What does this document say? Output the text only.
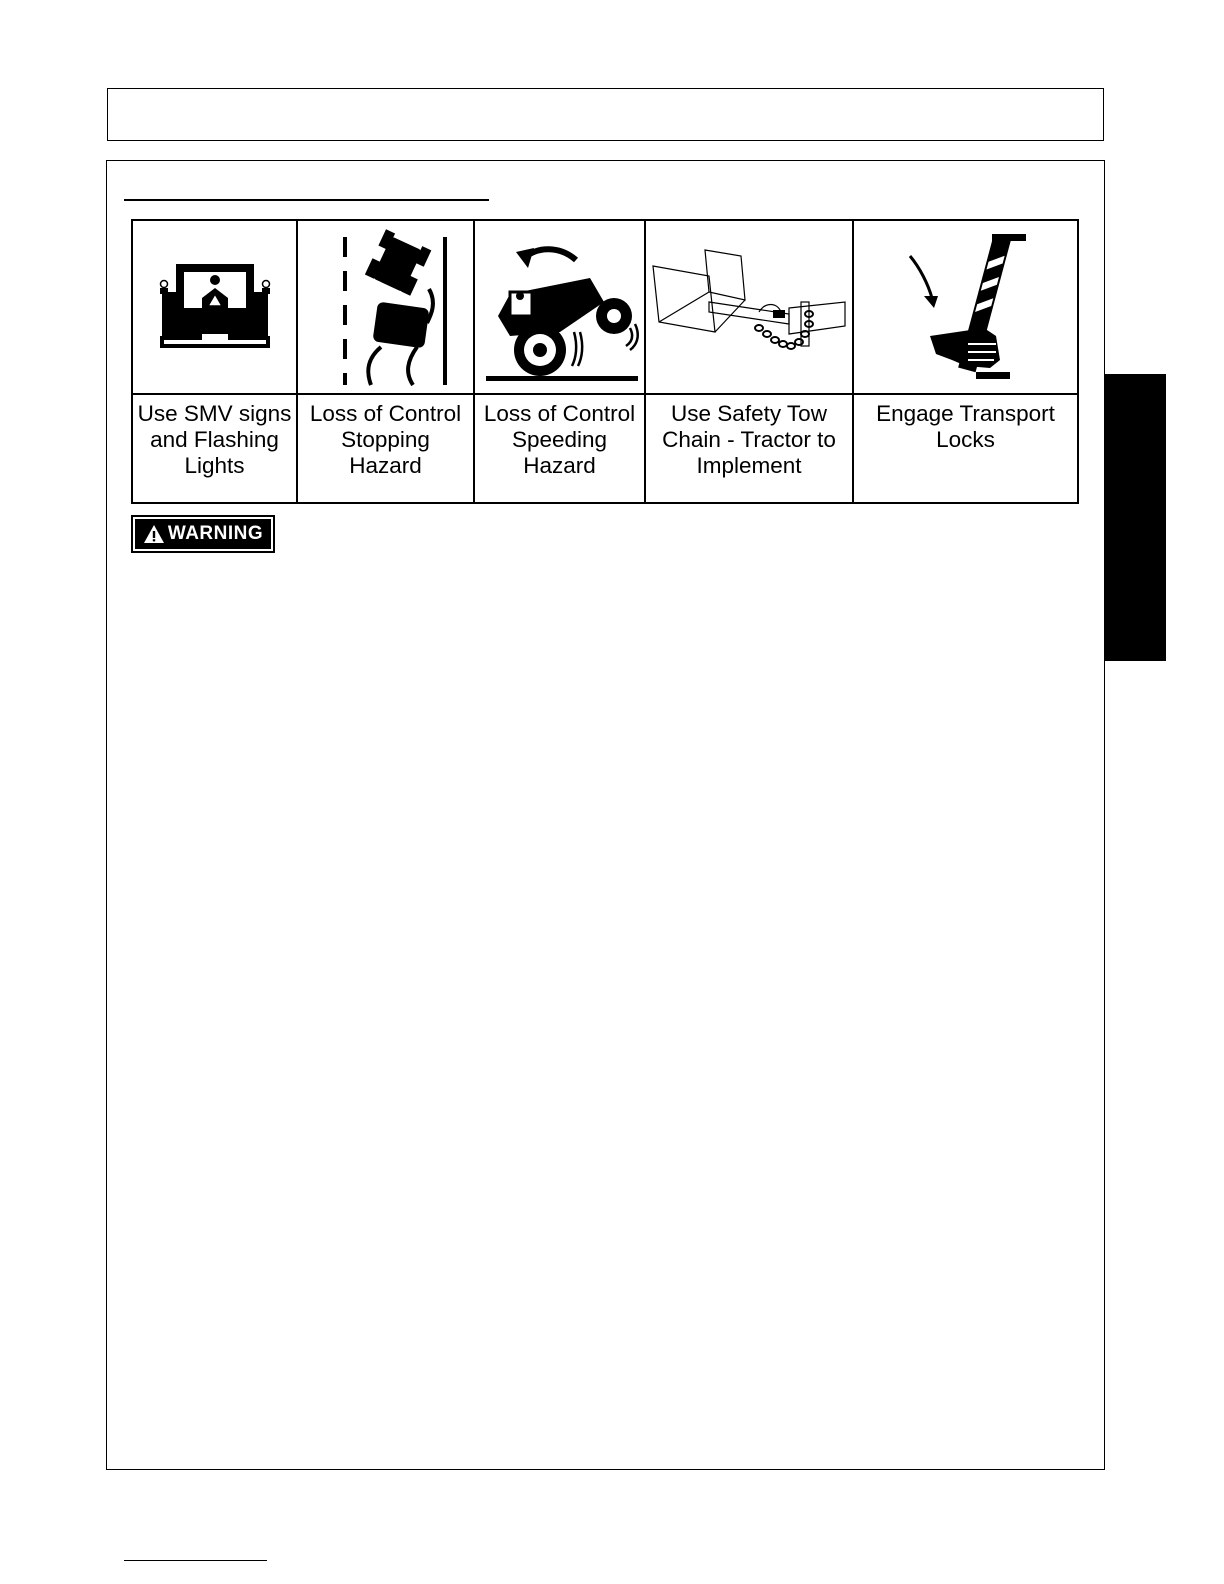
Use SMV signs
and Flashing
Lights	Loss of Control
Stopping
Hazard	Loss of Control
Speeding
Hazard	Use Safety Tow
Chain - Tractor to
Implement	Engage Transport
Locks
WARNING
